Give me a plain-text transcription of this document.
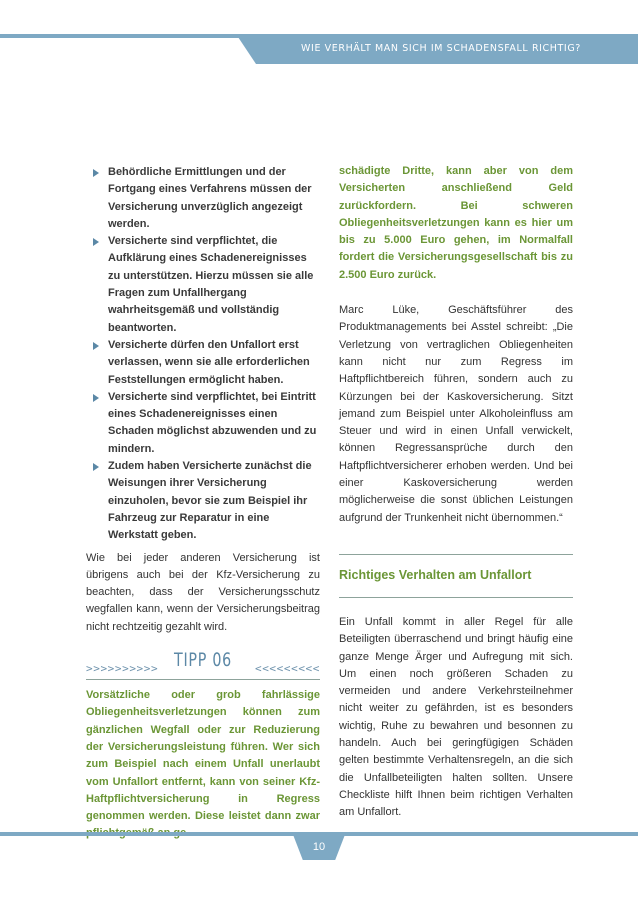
WIE VERHÄLT MAN SICH IM SCHADENSFALL RICHTIG?
Behördliche Ermittlungen und der Fortgang eines Verfahrens müssen der Versicherung unverzüglich angezeigt werden.
Versicherte sind verpflichtet, die Aufklärung eines Schadenereignisses zu unterstützen. Hierzu müssen sie alle Fragen zum Unfallhergang wahrheitsgemäß und vollständig beantworten.
Versicherte dürfen den Unfallort erst verlassen, wenn sie alle erforderlichen Feststellungen ermöglicht haben.
Versicherte sind verpflichtet, bei Eintritt eines Schadenereignisses einen Schaden möglichst abzuwenden und zu mindern.
Zudem haben Versicherte zunächst die Weisungen ihrer Versicherung einzuholen, bevor sie zum Beispiel ihr Fahrzeug zur Reparatur in eine Werkstatt geben.

Wie bei jeder anderen Versicherung ist übrigens auch bei der Kfz-Versicherung zu beachten, dass der Versicherungsschutz wegfallen kann, wenn der Versicherungsbeitrag nicht rechtzeitig gezahlt wird.

>>>>>>>>>> TIPP 06	<<<<<<<<<

Vorsätzliche oder grob fahrlässige Obliegenheitsverletzungen können zum gänzlichen Wegfall oder zur Reduzierung der Versicherungsleistung führen. Wer sich zum Beispiel nach einem Unfall unerlaubt vom Unfallort entfernt, kann von seiner Kfz-Haftpflichtversicherung in Regress genommen werden. Diese leistet dann zwar

schädigte Dritte, kann aber von dem Versicherten anschließend Geld zurückfordern. Bei schweren Obliegenheitsverletzungen kann es hier um bis zu 5.000 Euro gehen, im Normalfall fordert die Versicherungsgesellschaft bis zu 2.500 Euro zurück.

Marc Lüke, Geschäftsführer des Produktmanagements bei Asstel schreibt: „Die Verletzung von vertraglichen Obliegenheiten kann nicht nur zum Regress im Haftpflichtbereich führen, sondern auch zu Kürzungen bei der Kaskoversicherung. Sitzt jemand zum Beispiel unter Alkoholeinfluss am Steuer und wird in einen Unfall verwickelt, können Regressansprüche durch den Haftpflichtversicherer erhoben werden. Und bei einer Kaskoversicherung werden möglicherweise die sonst üblichen Leistungen aufgrund der Trunkenheit nicht übernommen.“

Richtiges Verhalten am Unfallort

Ein Unfall kommt in aller Regel für alle Beteiligten überraschend und bringt häufig eine ganze Menge Ärger und Aufregung mit sich. Um einen noch größeren Schaden zu vermeiden und andere Verkehrsteilnehmer nicht weiter zu gefährden, ist es besonders wichtig, Ruhe zu bewahren und besonnen zu handeln. Auch bei geringfügigen Schäden gelten bestimmte Verhaltensregeln, an die sich die Unfallbeteiligten halten sollten. Unsere Checkliste hilft Ihnen beim richtigen Verhalten am Unfallort.

10
